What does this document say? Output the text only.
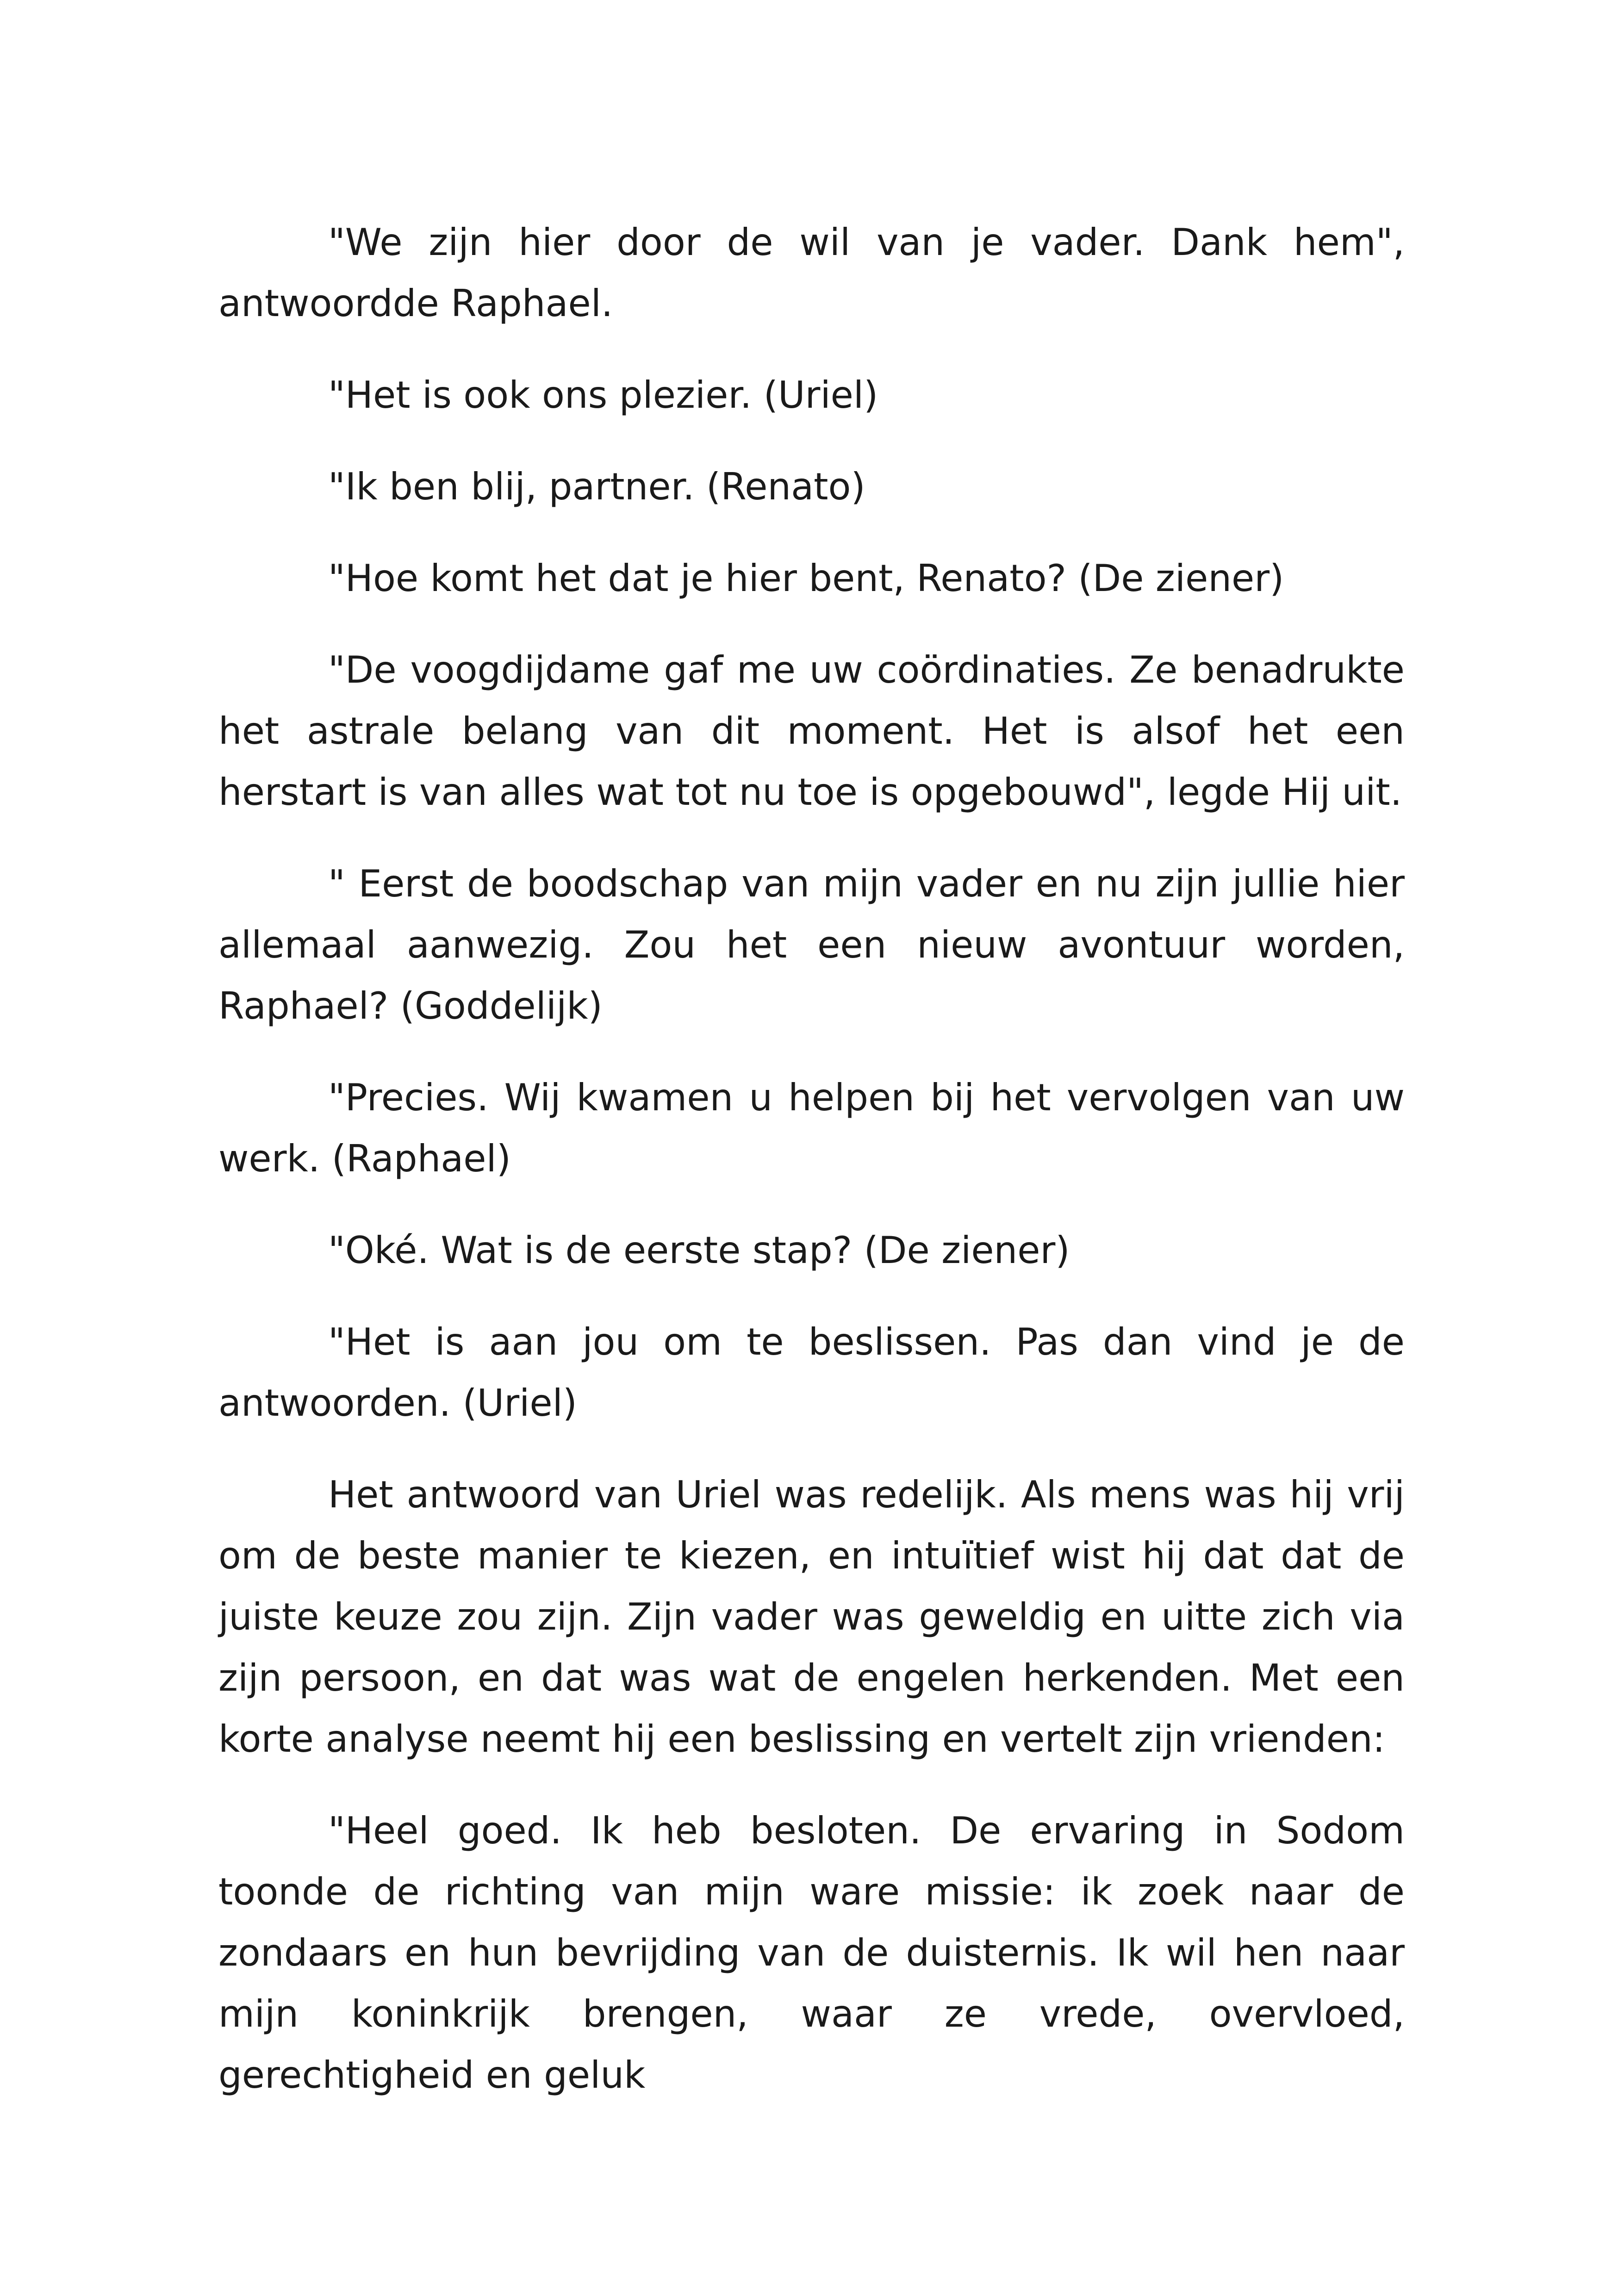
"We zijn hier door de wil van je vader. Dank hem", antwoordde Raphael.

"Het is ook ons plezier. (Uriel)

"Ik ben blij, partner. (Renato)

"Hoe komt het dat je hier bent, Renato? (De ziener)

"De voogdijdame gaf me uw coördinaties. Ze benadrukte het astrale belang van dit moment. Het is alsof het een herstart is van alles wat tot nu toe is opgebouwd", legde Hij uit.

" Eerst de boodschap van mijn vader en nu zijn jullie hier allemaal aanwezig. Zou het een nieuw avontuur worden, Raphael? (Goddelijk)

"Precies. Wij kwamen u helpen bij het vervolgen van uw werk. (Raphael)

"Oké. Wat is de eerste stap? (De ziener)

"Het is aan jou om te beslissen. Pas dan vind je de antwoorden. (Uriel)

Het antwoord van Uriel was redelijk. Als mens was hij vrij om de beste manier te kiezen, en intuïtief wist hij dat dat de juiste keuze zou zijn. Zijn vader was geweldig en uitte zich via zijn persoon, en dat was wat de engelen herkenden. Met een korte analyse neemt hij een beslissing en vertelt zijn vrienden:

"Heel goed. Ik heb besloten. De ervaring in Sodom toonde de richting van mijn ware missie: ik zoek naar de zondaars en hun bevrijding van de duisternis. Ik wil hen naar mijn koninkrijk brengen, waar ze vrede, overvloed, gerechtigheid en geluk
